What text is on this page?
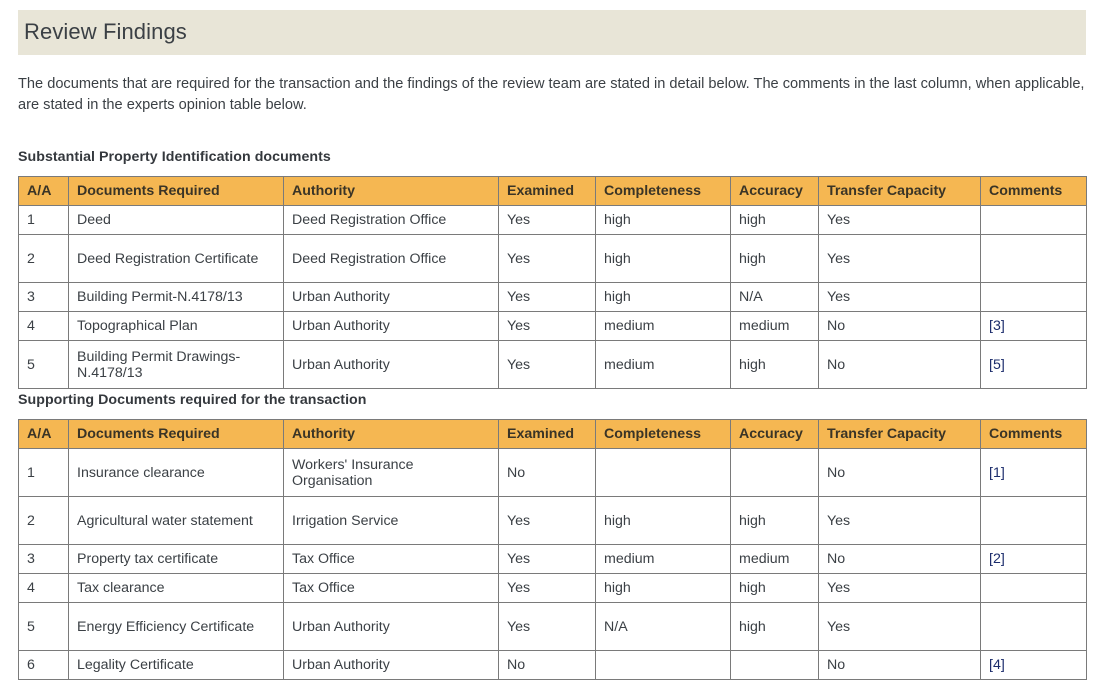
Review Findings

The documents that are required for the transaction and the findings of the review team are stated in detail below. The comments in the last column, when applicable, are stated in the experts opinion table below.

Substantial Property Identification documents
A/A	Documents Required	Authority	Examined	Completeness	Accuracy	Transfer Capacity	Comments
1	Deed	Deed Registration Office	Yes	high	high	Yes	
2	Deed Registration Certificate	Deed Registration Office	Yes	high	high	Yes	
3	Building Permit-N.4178/13	Urban Authority	Yes	high	N/A	Yes	
4	Topographical Plan	Urban Authority	Yes	medium	medium	No	[3]
5	Building Permit Drawings-N.4178/13	Urban Authority	Yes	medium	high	No	[5]
Supporting Documents required for the transaction
A/A	Documents Required	Authority	Examined	Completeness	Accuracy	Transfer Capacity	Comments
1	Insurance clearance	Workers' Insurance Organisation	No			No	[1]
2	Agricultural water statement	Irrigation Service	Yes	high	high	Yes	
3	Property tax certificate	Tax Office	Yes	medium	medium	No	[2]
4	Tax clearance	Tax Office	Yes	high	high	Yes	
5	Energy Efficiency Certificate	Urban Authority	Yes	N/A	high	Yes	
6	Legality Certificate	Urban Authority	No			No	[4]
